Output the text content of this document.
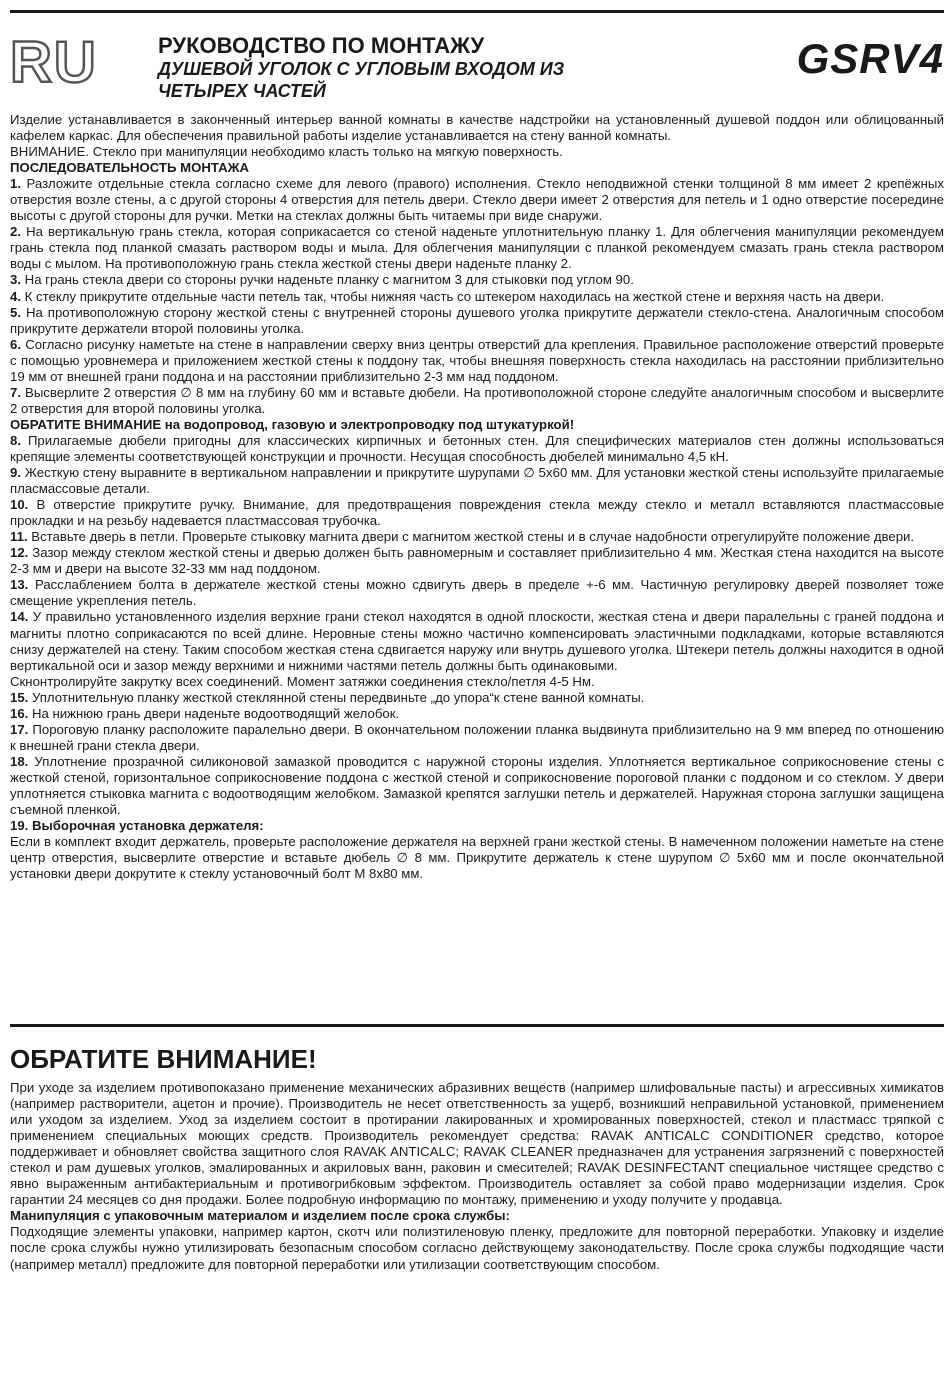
RU	РУКОВОДСТВО ПО МОНТАЖУ
ДУШЕВОЙ УГОЛОК С УГЛОВЫМ ВХОДОМ ИЗ
ЧЕТЫРЕХ ЧАСТЕЙ
GSRV4

Изделие устанавливается в законченный интерьер ванной комнаты в качестве надстройки на установленный душевой поддон или облицованный кафелем каркас. Для обеспечения правильной работы изделие устанавливается на стену ванной комнаты.

ВНИМАНИЕ. Стекло при манипуляции необходимо класть только на мягкую поверхность.

ПОСЛЕДОВАТЕЛЬНОСТЬ МОНТАЖА

1. Разложите отдельные стекла согласно схеме для левого (правого) исполнения. Стекло неподвижной стенки толщиной 8 мм имеет 2 крепёжных отверстия возле стены, а с другой стороны 4 отверстия для петель двери. Стекло двери имеет 2 отверстия для петель и 1 одно отверстие посередине высоты с другой стороны для ручки. Метки на стеклах должны быть читаемы при виде снаружи.

2. На вертикальную грань стекла, которая соприкасается со стеной наденьте уплотнительную планку 1. Для облегчения манипуляции рекомендуем грань стекла под планкой смазать раствором воды и мыла. Для облегчения манипуляции с планкой рекомендуем смазать грань стекла раствором воды с мылом. На противоположную грань стекла жесткой стены двери наденьте планку 2.

3. На грань стекла двери со стороны ручки наденьте планку с магнитом 3 для стыковки под углом 90.

4. К стеклу прикрутите отдельные части петель так, чтобы нижняя часть со штекером находилась на жесткой стене и верхняя часть на двери.

5. На противоположную сторону жесткой стены с внутренней стороны душевого уголка прикрутите держатели стекло-стена. Аналогичным способом прикрутите держатели второй половины уголка.

6. Согласно рисунку наметьте на стене в направлении сверху вниз центры отверстий дла крепления. Правильное расположение отверстий проверьте с помощью уровнемера и приложением жесткой стены к поддону так, чтобы внешняя поверхность стекла находилась на расстоянии приблизительно 19 мм от внешней грани поддона и на расстоянии приблизительно 2-3 мм над поддоном.

7. Высверлите 2 отверстия ∅ 8 мм на глубину 60 мм и вставьте дюбели. На противоположной стороне следуйте аналогичным способом и высверлите 2 отверстия для второй половины уголка.

ОБРАТИТЕ ВНИМАНИЕ на водопровод, газовую и электропроводку под штукатуркой!

8. Прилагаемые дюбели пригодны для классических кирпичных и бетонных стен. Для специфических материалов стен должны использоваться крепящие элементы соответствующей конструкции и прочности. Несущая способность дюбелей минимально 4,5 кН.

9. Жесткую стену выравните в вертикальном направлении и прикрутите шурупами ∅ 5x60 мм. Для установки жесткой стены используйте прилагаемые пласмассовые детали.

10. В отверстие прикрутите ручку. Внимание, для предотвращения повреждения стекла между стекло и металл вставляются пластмассовые прокладки и на резьбу надевается пластмассовая трубочка.

11. Вставьте дверь в петли. Проверьте стыковку магнита двери с магнитом жесткой стены и в случае надобности отрегулируйте положение двери.

12. Зазор между стеклом жесткой стены и дверью должен быть равномерным и составляет приблизительно 4 мм. Жесткая стена находится на высоте 2-3 мм и двери на высоте 32-33 мм над поддоном.

13. Расслаблением болта в держателе жесткой стены можно сдвигуть дверь в пределе +-6 мм. Частичную регулировку дверей позволяет тоже смещение укрепления петель.

14. У правильно установленного изделия верхние грани стекол находятся в одной плоскости, жесткая стена и двери паралельны с гранeй поддона и магниты плотно соприкасаются по всей длине. Неровные стены можно частично компенсировать эластичными подкладками, которые вставляются снизу держателей на стену. Таким способом жесткая стена сдвигается наружу или внутрь душевого уголка. Штекери петель должны находится в одной вертикальной оси и зазор между верхними и нижними частями петель должны быть одинаковыми.

Скнонтролируйте закрутку всех соединений. Момент затяжки соединения стекло/петля 4-5 Нм.

15. Уплотнительную планку жесткой стеклянной стены передвиньте „до упора“к стене ванной комнаты.

16. На нижнюю грань двери наденьте водоотводящий желобок.

17. Пороговую планку расположите паралельно двери. В окончательном положении планка выдвинута приблизительно на 9 мм вперед по отношению к внешней грани стекла двери.

18. Уплотнение прозрачной силиконовой замазкой проводится с наружной стороны изделия. Уплотняется вертикальное соприкосновение стены с жесткой стеной, горизонтальное соприкосновение поддона с жесткой стеной и соприкосновение пороговой планки с поддоном и со стеклом. У двери уплотняется стыковка магнита с водоотводящим желобком. Замазкой крепятся заглушки петель и держателей. Наружная сторона заглушки защищена съемной пленкой.

19. Выборочная установка держателя:

Если в комплект входит держатель, проверьте расположение держателя на верхней грани жесткой стены. В намеченном положении наметьте на стене центр отверстия, высверлите отверстие и вставьте дюбель ∅ 8 мм. Прикрутите держатель к стене шурупом ∅ 5x60 мм и после окончательной установки двери докрутите к стеклу установочный болт М 8x80 мм.

ОБРАТИТЕ ВНИМАНИЕ!

При уходе за изделием противопоказано применение механических абразивних веществ (например шлифовальные пасты) и агрессивных химикатов (например растворители, ацетон и прочие). Производитель не несет ответственность за ущерб, возникший неправильной установкой, применением или уходом за изделием. Уход за изделием состоит в протирании лакированных и хромированных поверхностей, стекол и пластмасс тряпкой с применением специальных моющих средств. Производитель рекомендует средства: RAVAK ANTICALC CONDITIONER средство, которое поддерживает и обновляет свойства защитного слоя RAVAK ANTICALC; RAVAK CLEANER предназначен для устранения загрязнений с поверхностей стекол и рам душевых уголков, эмалированных и акриловых ванн, раковин и смесителей; RAVAK DESINFECTANT специальное чистящее средство с явно выраженным антибактериальным и противогрибковым эффектом. Производитель оставляет за собой право модернизации изделия. Срок гарантии 24 месяцев со дня продажи. Более подробную информацию по монтажу, применению и уходу получите у продавца.

Манипуляция с упаковочным материалом и изделием после срока службы:

Подходящие элементы упаковки, например картон, скотч или полиэтиленовую пленку, предложите для повторной переработки. Упаковку и изделие после срока службы нужно утилизировать безопасным способом согласно действующему законодательству. После срока службы подходящие части (например металл) предложите для повторной переработки или утилизации соответствующим способом.
